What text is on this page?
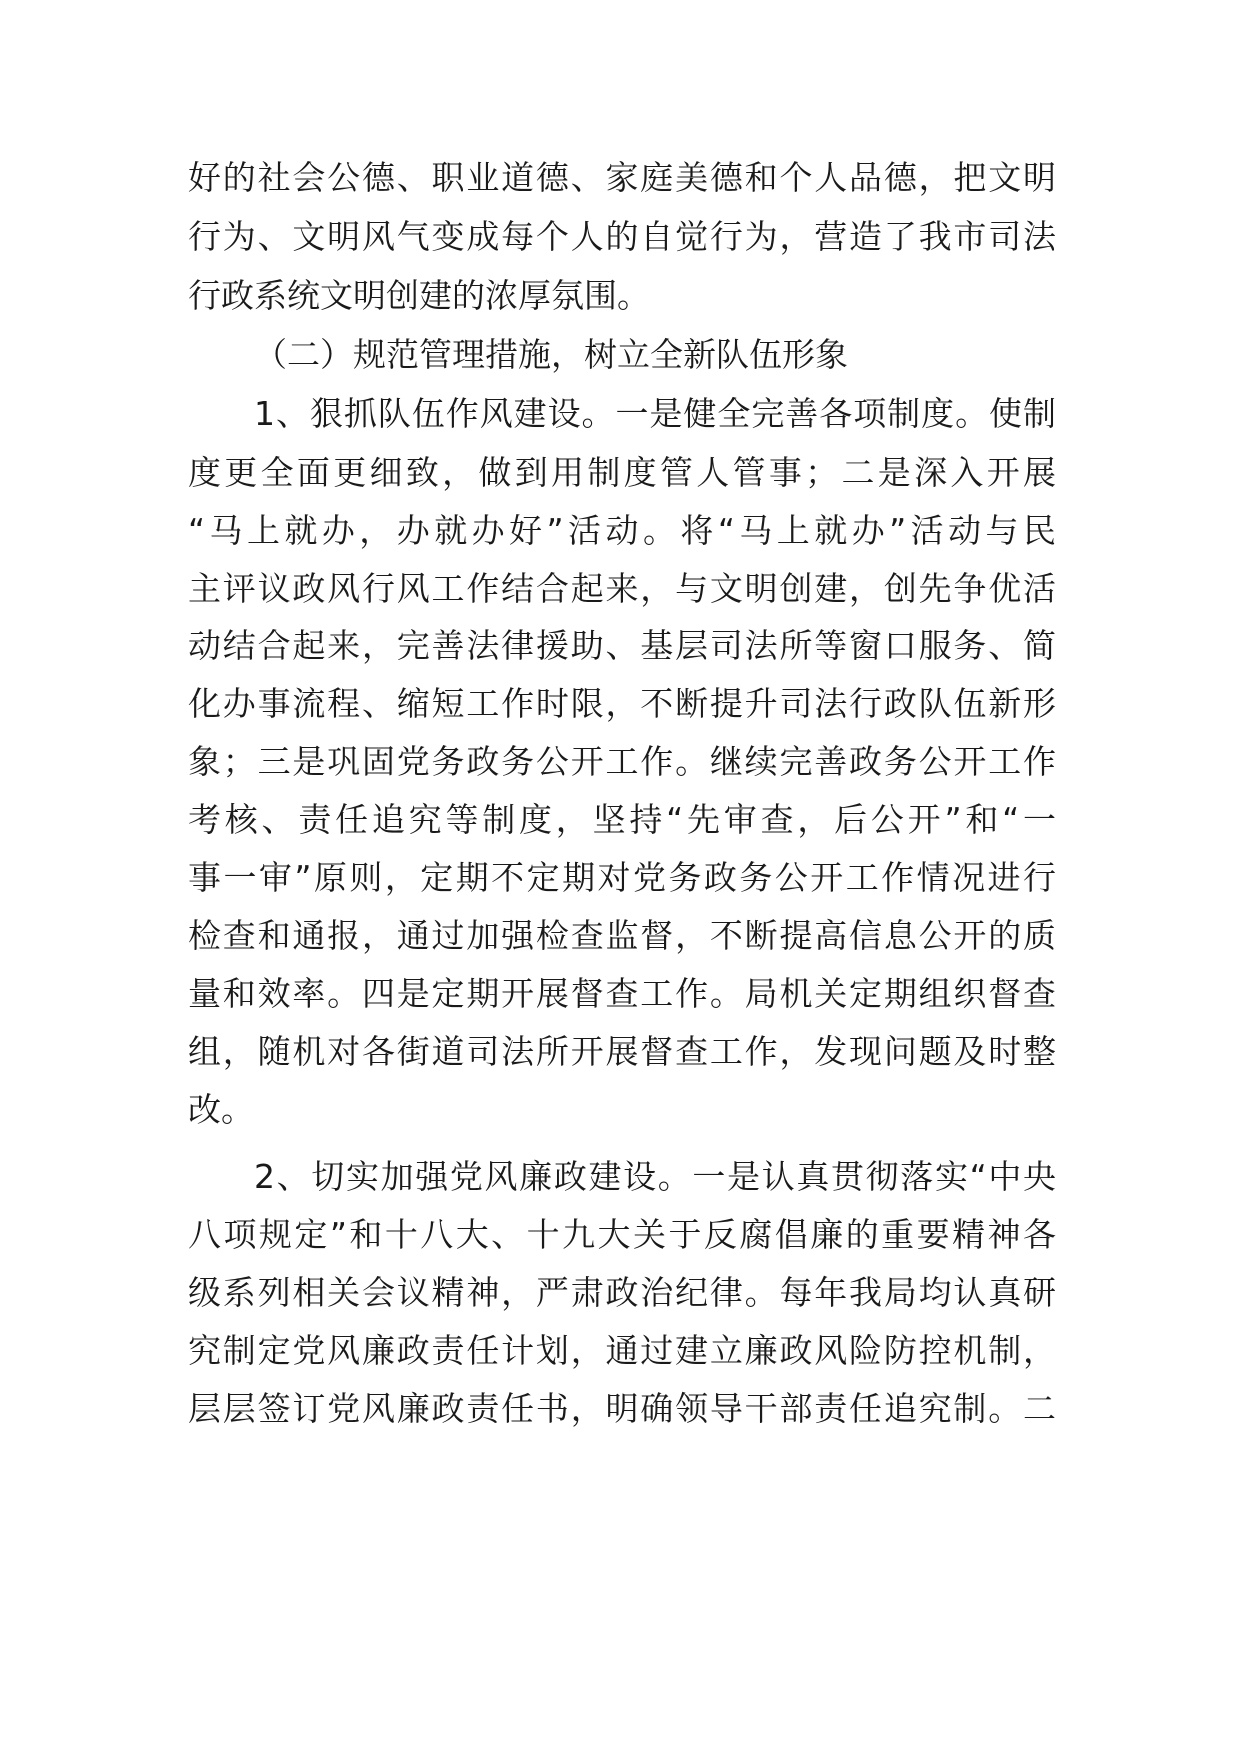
好的社会公德、职业道德、家庭美德和个人品德，把文明
行为、文明风气变成每个人的自觉行为，营造了我市司法
行政系统文明创建的浓厚氛围。
（二）规范管理措施，树立全新队伍形象
1、狠抓队伍作风建设。一是健全完善各项制度。使制
度更全面更细致，做到用制度管人管事；二是深入开展
“马上就办，办就办好”活动。将“马上就办”活动与民
主评议政风行风工作结合起来，与文明创建，创先争优活
动结合起来，完善法律援助、基层司法所等窗口服务、简
化办事流程、缩短工作时限，不断提升司法行政队伍新形
象；三是巩固党务政务公开工作。继续完善政务公开工作
考核、责任追究等制度，坚持“先审查，后公开”和“一
事一审”原则，定期不定期对党务政务公开工作情况进行
检查和通报，通过加强检查监督，不断提高信息公开的质
量和效率。四是定期开展督查工作。局机关定期组织督查
组，随机对各街道司法所开展督查工作，发现问题及时整
改。
2、切实加强党风廉政建设。一是认真贯彻落实“中央
八项规定”和十八大、十九大关于反腐倡廉的重要精神各
级系列相关会议精神，严肃政治纪律。每年我局均认真研
究制定党风廉政责任计划，通过建立廉政风险防控机制，
层层签订党风廉政责任书，明确领导干部责任追究制。二
